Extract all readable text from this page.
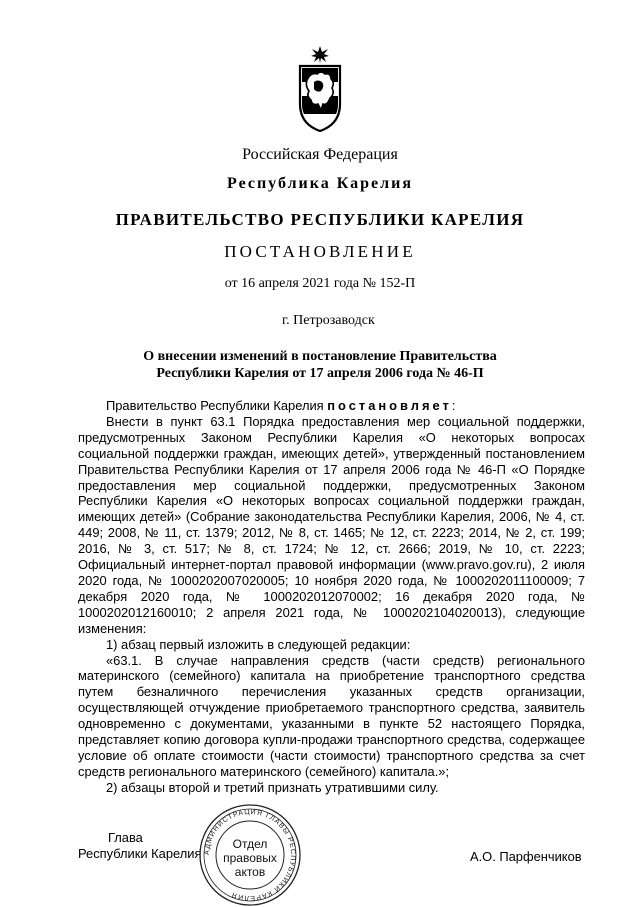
Российская Федерация
Республика Карелия
ПРАВИТЕЛЬСТВО РЕСПУБЛИКИ КАРЕЛИЯ
ПОСТАНОВЛЕНИЕ
от 16 апреля 2021 года № 152-П
г. Петрозаводск
О внесении изменений в постановление Правительства
Республики Карелия от 17 апреля 2006 года № 46-П

Правительство Республики Карелия постановляет:

Внести в пункт 63.1 Порядка предоставления мер социальной поддержки, предусмотренных Законом Республики Карелия «О некоторых вопросах социальной поддержки граждан, имеющих детей», утвержденный постановлением Правительства Республики Карелия от 17 апреля 2006 года № 46-П «О Порядке предоставления мер социальной поддержки, предусмотренных Законом Республики Карелия «О некоторых вопросах социальной поддержки граждан, имеющих детей» (Собрание законодательства Республики Карелия, 2006, № 4, ст. 449; 2008, № 11, ст. 1379; 2012, № 8, ст. 1465; № 12, ст. 2223; 2014, № 2, ст. 199; 2016, № 3, ст. 517; № 8, ст. 1724; № 12, ст. 2666; 2019, № 10, ст. 2223; Официальный интернет-портал правовой информации (www.pravo.gov.ru), 2 июля 2020 года, № 1000202007020005; 10 ноября 2020 года, № 1000202011100009; 7 декабря 2020 года, № 1000202012070002; 16 декабря 2020 года, № 1000202012160010; 2 апреля 2021 года, № 1000202104020013), следующие изменения:

1) абзац первый изложить в следующей редакции:

«63.1. В случае направления средств (части средств) регионального материнского (семейного) капитала на приобретение транспортного средства путем безналичного перечисления указанных средств организации, осуществляющей отчуждение приобретаемого транспортного средства, заявитель одновременно с документами, указанными в пункте 52 настоящего Порядка, представляет копию договора купли-продажи транспортного средства, содержащее условие об оплате стоимости (части стоимости) транспортного средства за счет средств регионального материнского (семейного) капитала.»;

2) абзацы второй и третий признать утратившими силу.

Глава
Республики Карелия	А.О. Парфенчиков
АДМИНИСТРАЦИЯ ГЛАВЫ РЕСПУБЛИКИ КАРЕЛИЯ
Отдел
правовых
актов
